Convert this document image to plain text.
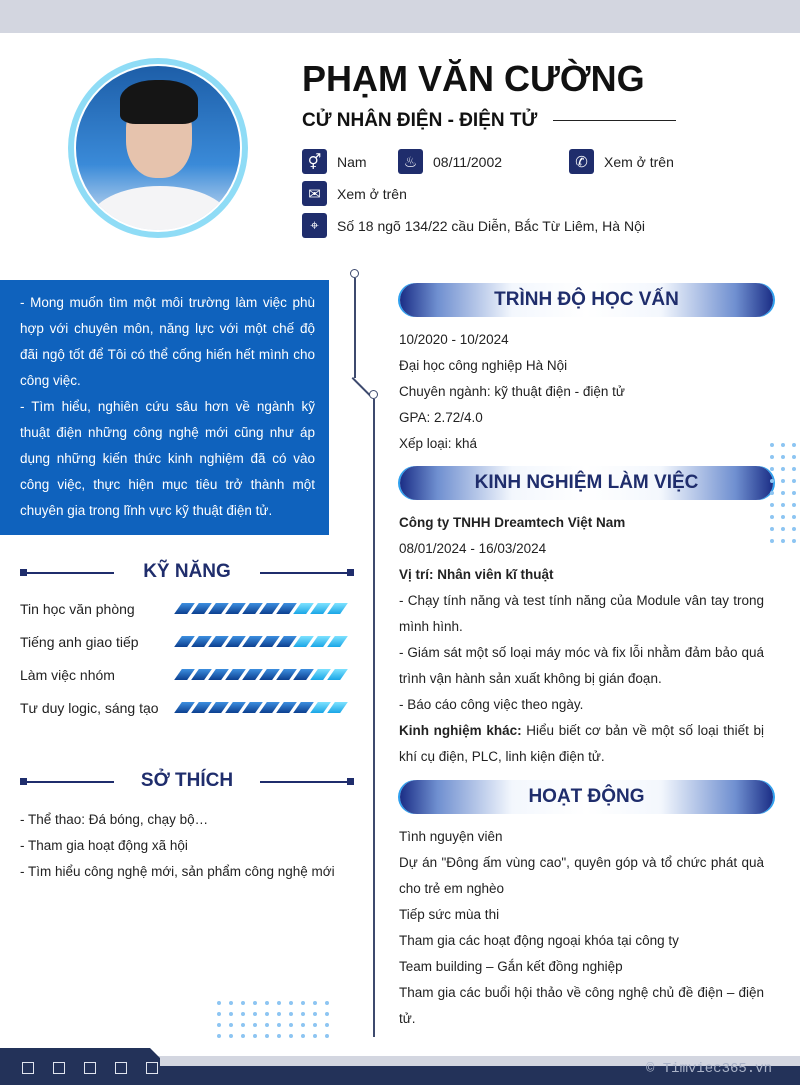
PHẠM VĂN CƯỜNG
CỬ NHÂN ĐIỆN - ĐIỆN TỬ
⚥	Nam	♨	08/11/2002	✆	Xem ở trên
✉	Xem ở trên
⌖	Số 18 ngõ 134/22 cầu Diễn, Bắc Từ Liêm, Hà Nội

- Mong muốn tìm một môi trường làm việc phù hợp với chuyên môn, năng lực với một chế độ đãi ngộ tốt để Tôi có thể cống hiến hết mình cho công việc.

- Tìm hiểu, nghiên cứu sâu hơn về ngành kỹ thuật điện những công nghệ mới cũng như áp dụng những kiến thức kinh nghiệm đã có vào công việc, thực hiện mục tiêu trở thành một chuyên gia trong lĩnh vực kỹ thuật điện tử.

KỸ NĂNG
Tin học văn phòng
Tiếng anh giao tiếp
Làm việc nhóm
Tư duy logic, sáng tạo
SỞ THÍCH
- Thể thao: Đá bóng, chạy bộ…
- Tham gia hoạt động xã hội
- Tìm hiểu công nghệ mới, sản phẩm công nghệ mới
TRÌNH ĐỘ HỌC VẤN
10/2020 - 10/2024
Đại học công nghiệp Hà Nội
Chuyên ngành: kỹ thuật điện - điện tử
GPA: 2.72/4.0
Xếp loại: khá
KINH NGHIỆM LÀM VIỆC
Công ty TNHH Dreamtech Việt Nam
08/01/2024 - 16/03/2024
Vị trí: Nhân viên kĩ thuật
- Chạy tính năng và test tính năng của Module vân tay trong mình hình.
- Giám sát một số loại máy móc và fix lỗi nhằm đảm bảo quá trình vận hành sản xuất không bị gián đoạn.
- Báo cáo công việc theo ngày.
Kinh nghiệm khác: Hiểu biết cơ bản về một số loại thiết bị khí cụ điện, PLC, linh kiện điện tử.
HOẠT ĐỘNG
Tình nguyện viên
Dự án "Đông ấm vùng cao", quyên góp và tổ chức phát quà cho trẻ em nghèo
Tiếp sức mùa thi
Tham gia các hoạt động ngoại khóa tại công ty
Team building – Gắn kết đồng nghiệp
Tham gia các buổi hội thảo về công nghệ chủ đề điện – điện tử.
© Timviec365.vn
